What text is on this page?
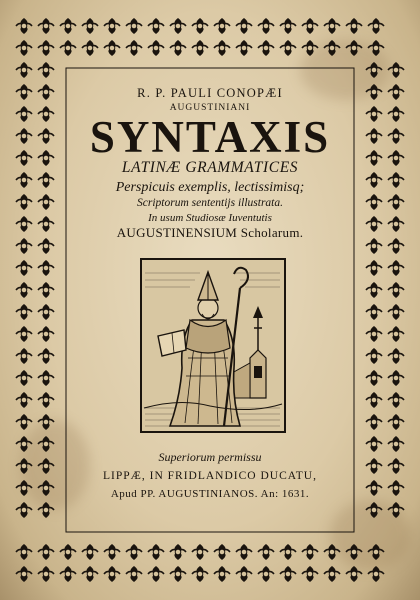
R. P. PAULI CONOPÆI
AUGUSTINIANI
SYNTAXIS
LATINÆ GRAMMATICES
Perspicuis exemplis, lectissimisq;
Scriptorum sententijs illustrata.
In usum Studiosæ Iuventutis
AUGUSTINENSIUM Scholarum.
Superiorum permissu
LIPPÆ, IN FRIDLANDICO DUCATU,
Apud PP. AUGUSTINIANOS. An: 1631.
